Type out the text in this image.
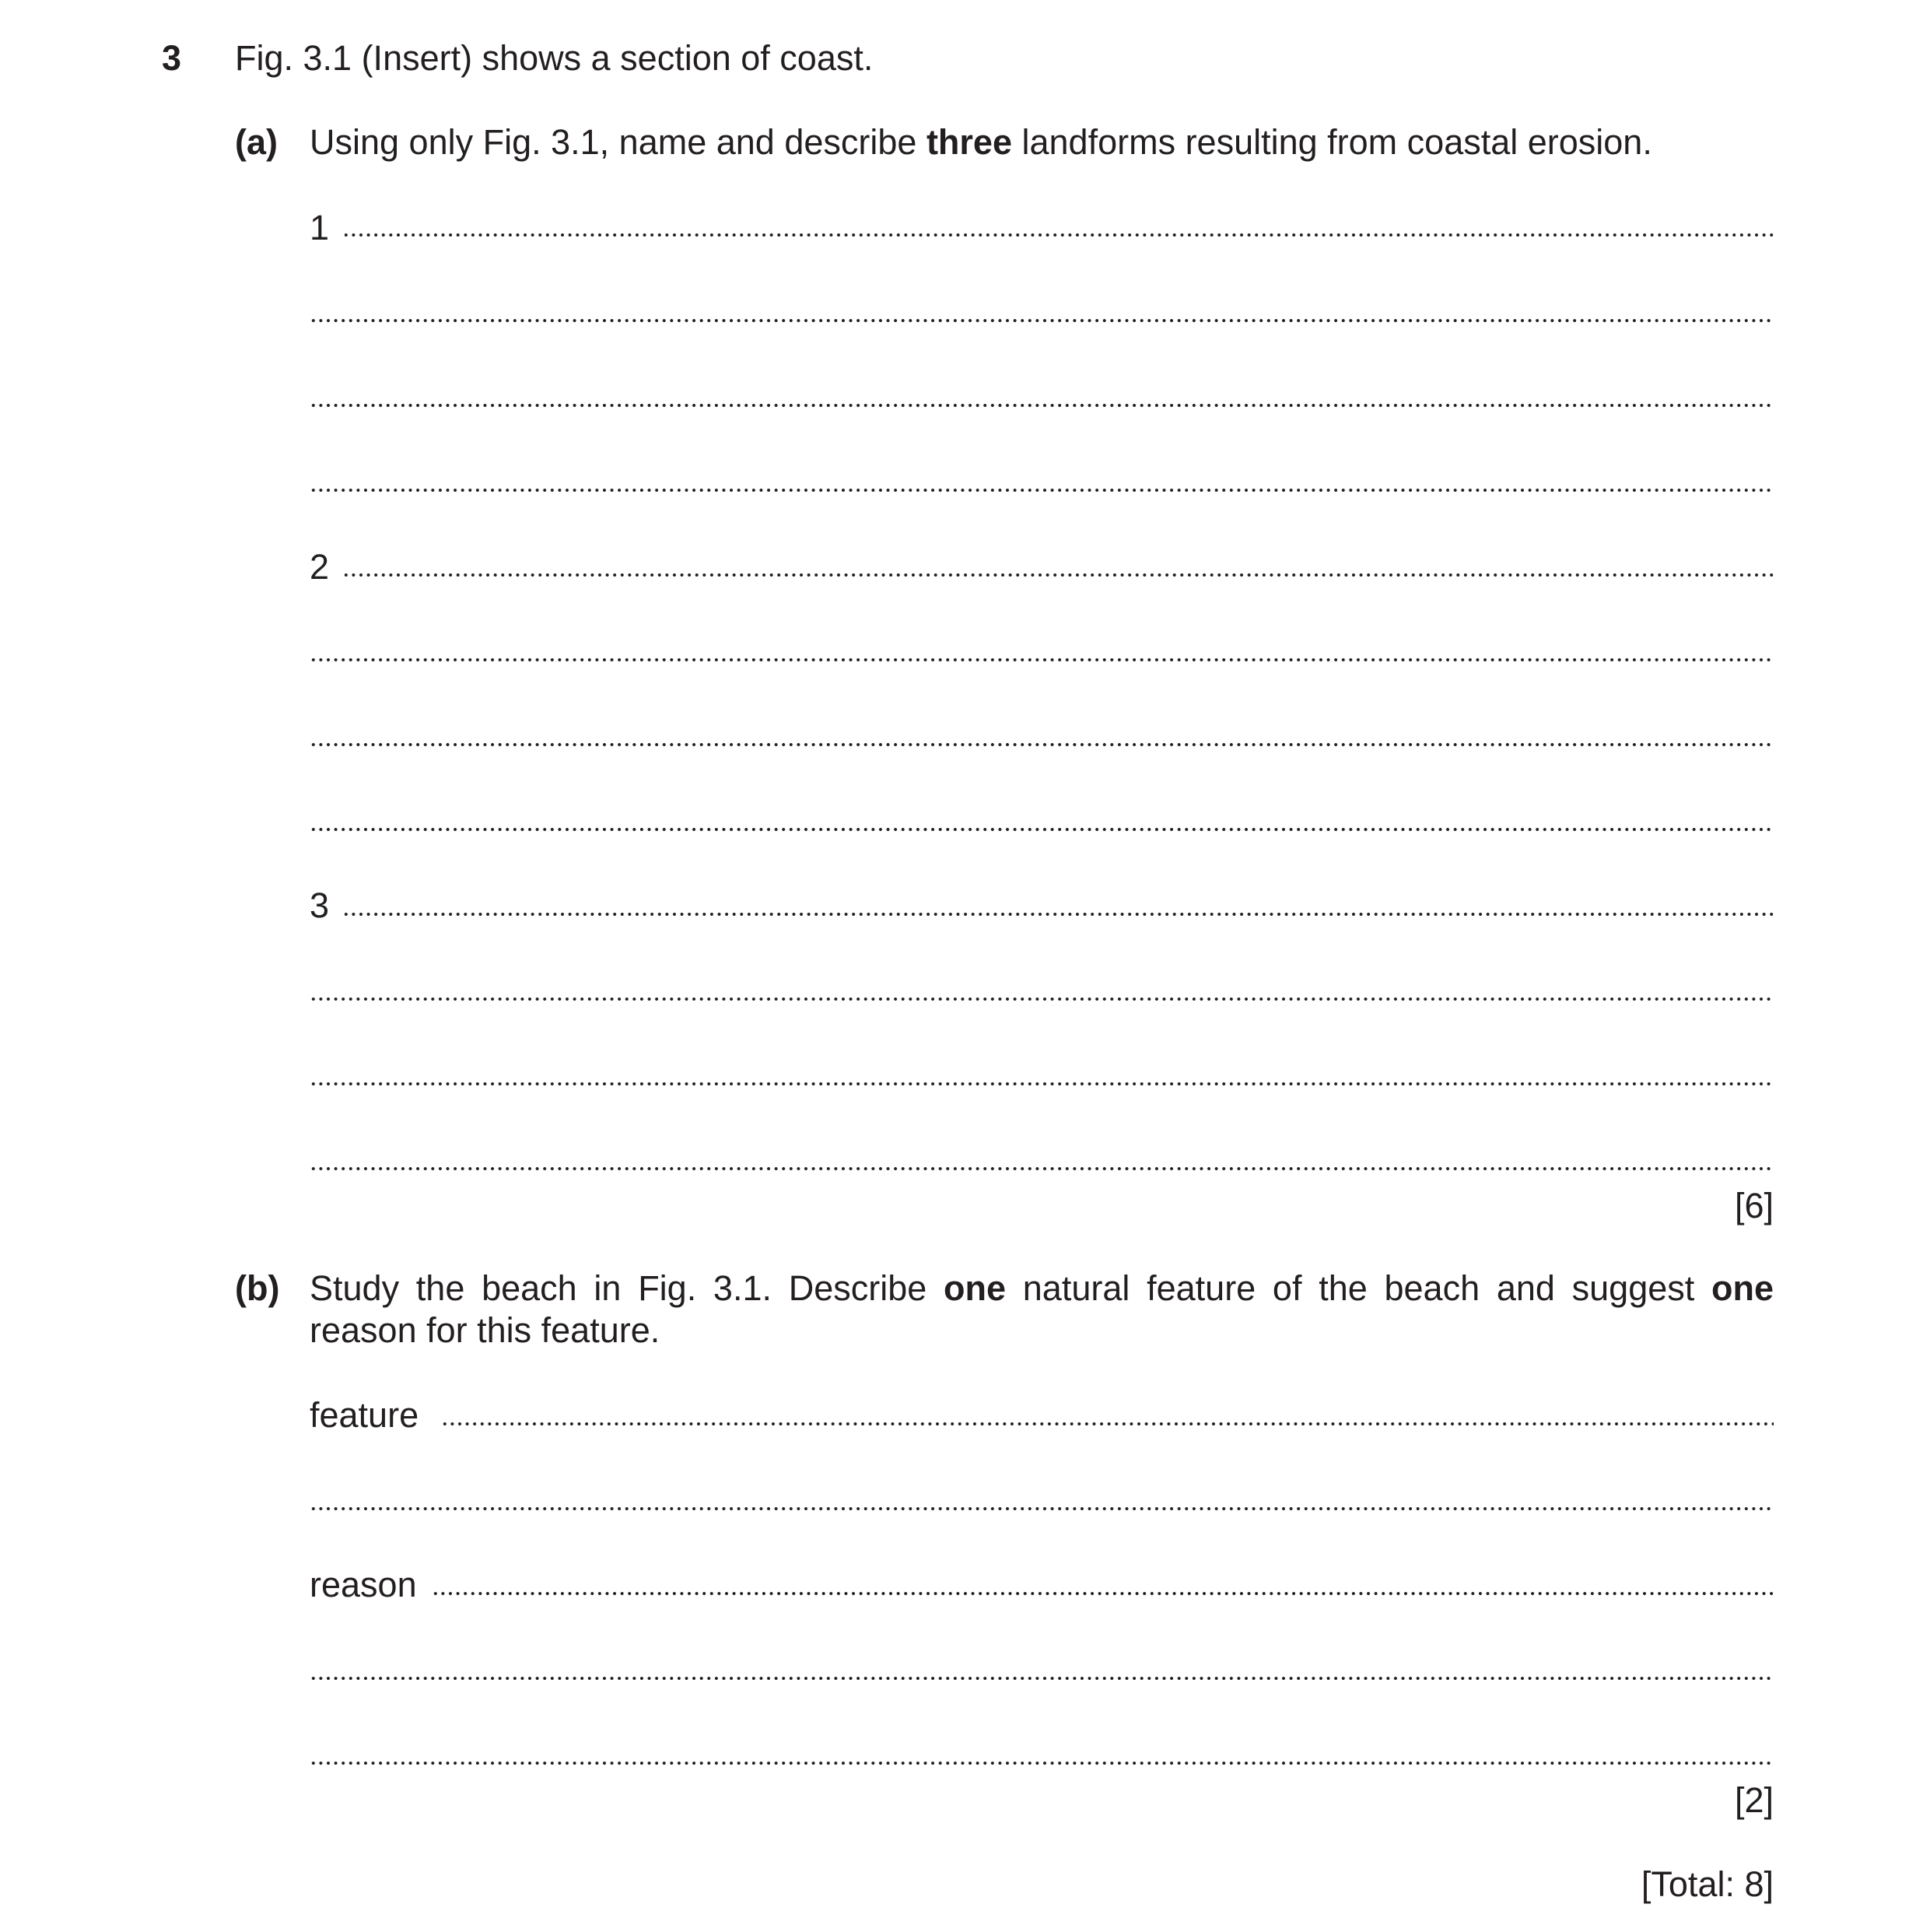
3 Fig. 3.1 (Insert) shows a section of coast.
(a) Using only Fig. 3.1, name and describe three landforms resulting from coastal erosion.
1
2
3
[6]
(b) Study the beach in Fig. 3.1. Describe one natural feature of the beach and suggest one
reason for this feature.
feature
reason
[2]
[Total: 8]
